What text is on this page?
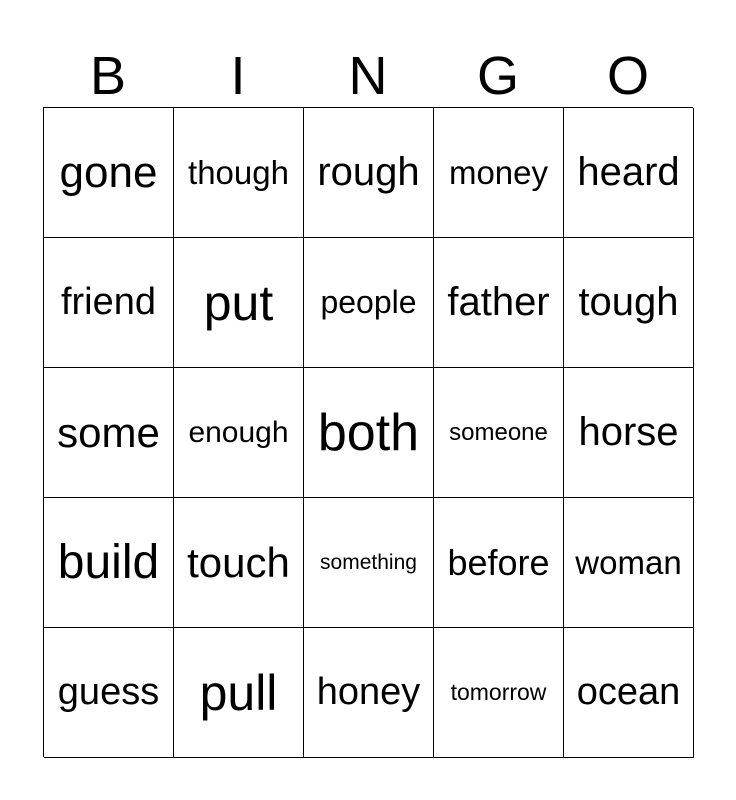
B	I	N	G	O
gone though rough money heard
friend put	people father tough
some enough both	someone horse
build touch	something before woman
guess pull	honey	tomorrow ocean
